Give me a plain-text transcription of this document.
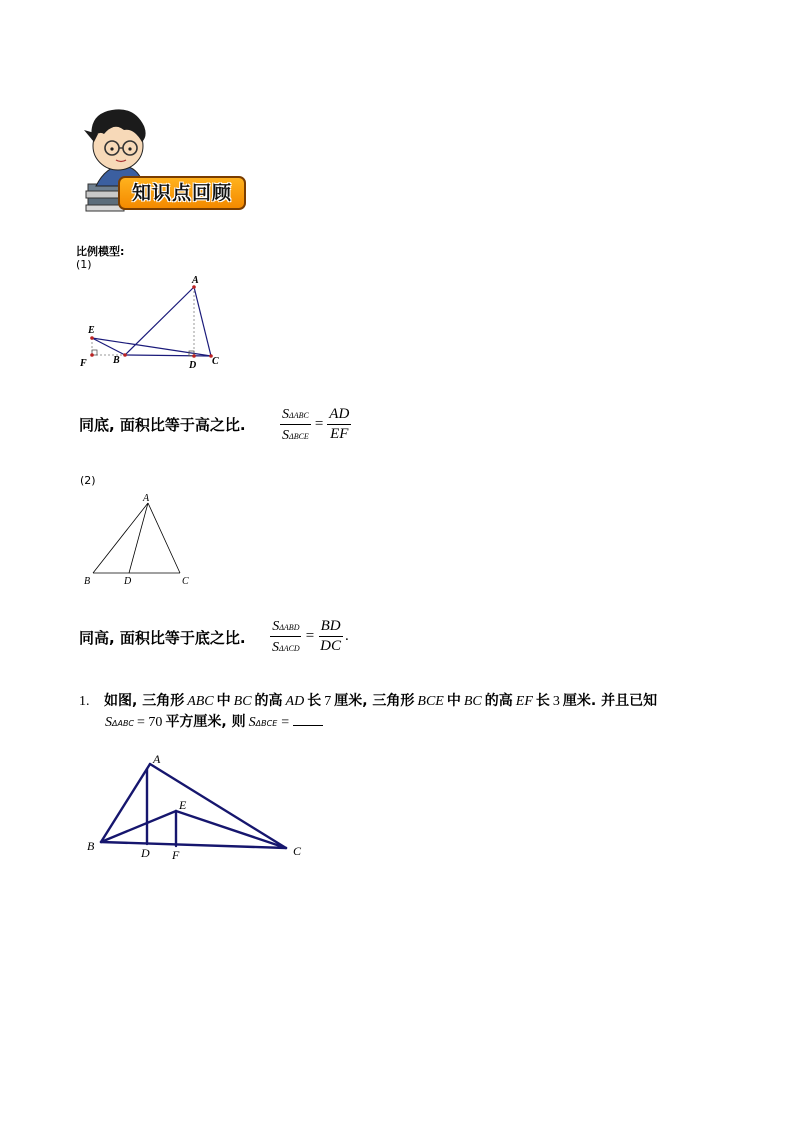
知识点回顾
比例模型:
(1)
A
E
F	B	D C
同底, 面积比等于高之比. $\frac{\text{SΔABC}}{\text{SΔBCE}} = \frac{AD}{EF}$
(2)
A
B	D	C
同高, 面积比等于底之比. $\frac{\text{SΔABD}}{\text{SΔACD}} = \frac{BD}{DC}$ .
1. 如图, 三角形 ABC 中 BC 的高 AD 长 7 厘米, 三角形 BCE 中 BC 的高 EF 长 3 厘米. 并且已知
SΔABC = 70 平方厘米, 则 SΔBCE =
A
E
B	D F	C
